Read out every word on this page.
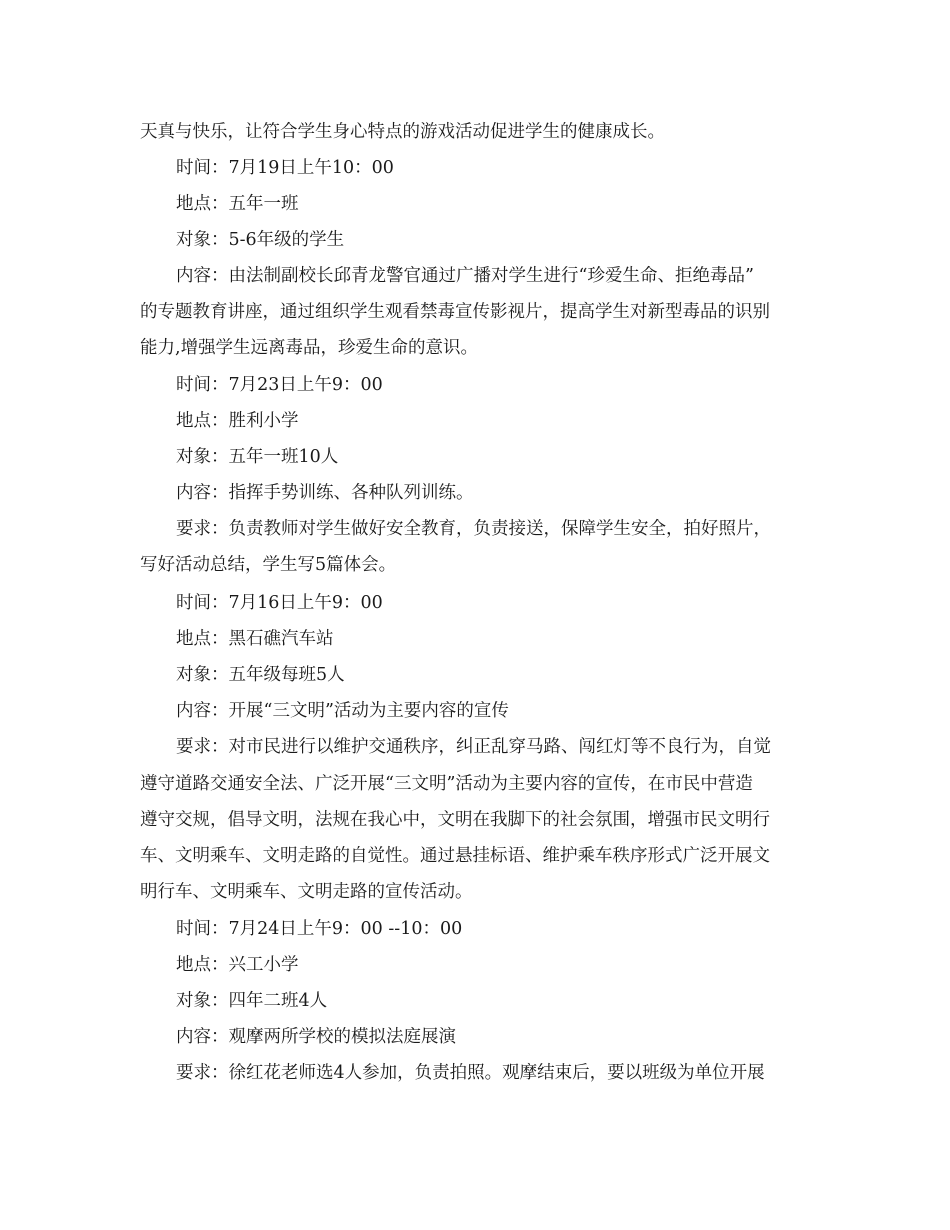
天真与快乐，让符合学生身心特点的游戏活动促进学生的健康成长。
时间：7月19日上午10：00
地点：五年一班
对象：5-6年级的学生
内容：由法制副校长邱青龙警官通过广播对学生进行“珍爱生命、拒绝毒品”
的专题教育讲座，通过组织学生观看禁毒宣传影视片，提高学生对新型毒品的识别
能力,增强学生远离毒品，珍爱生命的意识。
时间：7月23日上午9：00
地点：胜利小学
对象：五年一班10人
内容：指挥手势训练、各种队列训练。
要求：负责教师对学生做好安全教育，负责接送，保障学生安全，拍好照片，
写好活动总结，学生写5篇体会。
时间：7月16日上午9：00
地点：黑石礁汽车站
对象：五年级每班5人
内容：开展“三文明”活动为主要内容的宣传
要求：对市民进行以维护交通秩序，纠正乱穿马路、闯红灯等不良行为，自觉
遵守道路交通安全法、广泛开展“三文明”活动为主要内容的宣传，在市民中营造
遵守交规，倡导文明，法规在我心中，文明在我脚下的社会氛围，增强市民文明行
车、文明乘车、文明走路的自觉性。通过悬挂标语、维护乘车秩序形式广泛开展文
明行车、文明乘车、文明走路的宣传活动。
时间：7月24日上午9：00 --10：00
地点：兴工小学
对象：四年二班4人
内容：观摩两所学校的模拟法庭展演
要求：徐红花老师选4人参加，负责拍照。观摩结束后，要以班级为单位开展
